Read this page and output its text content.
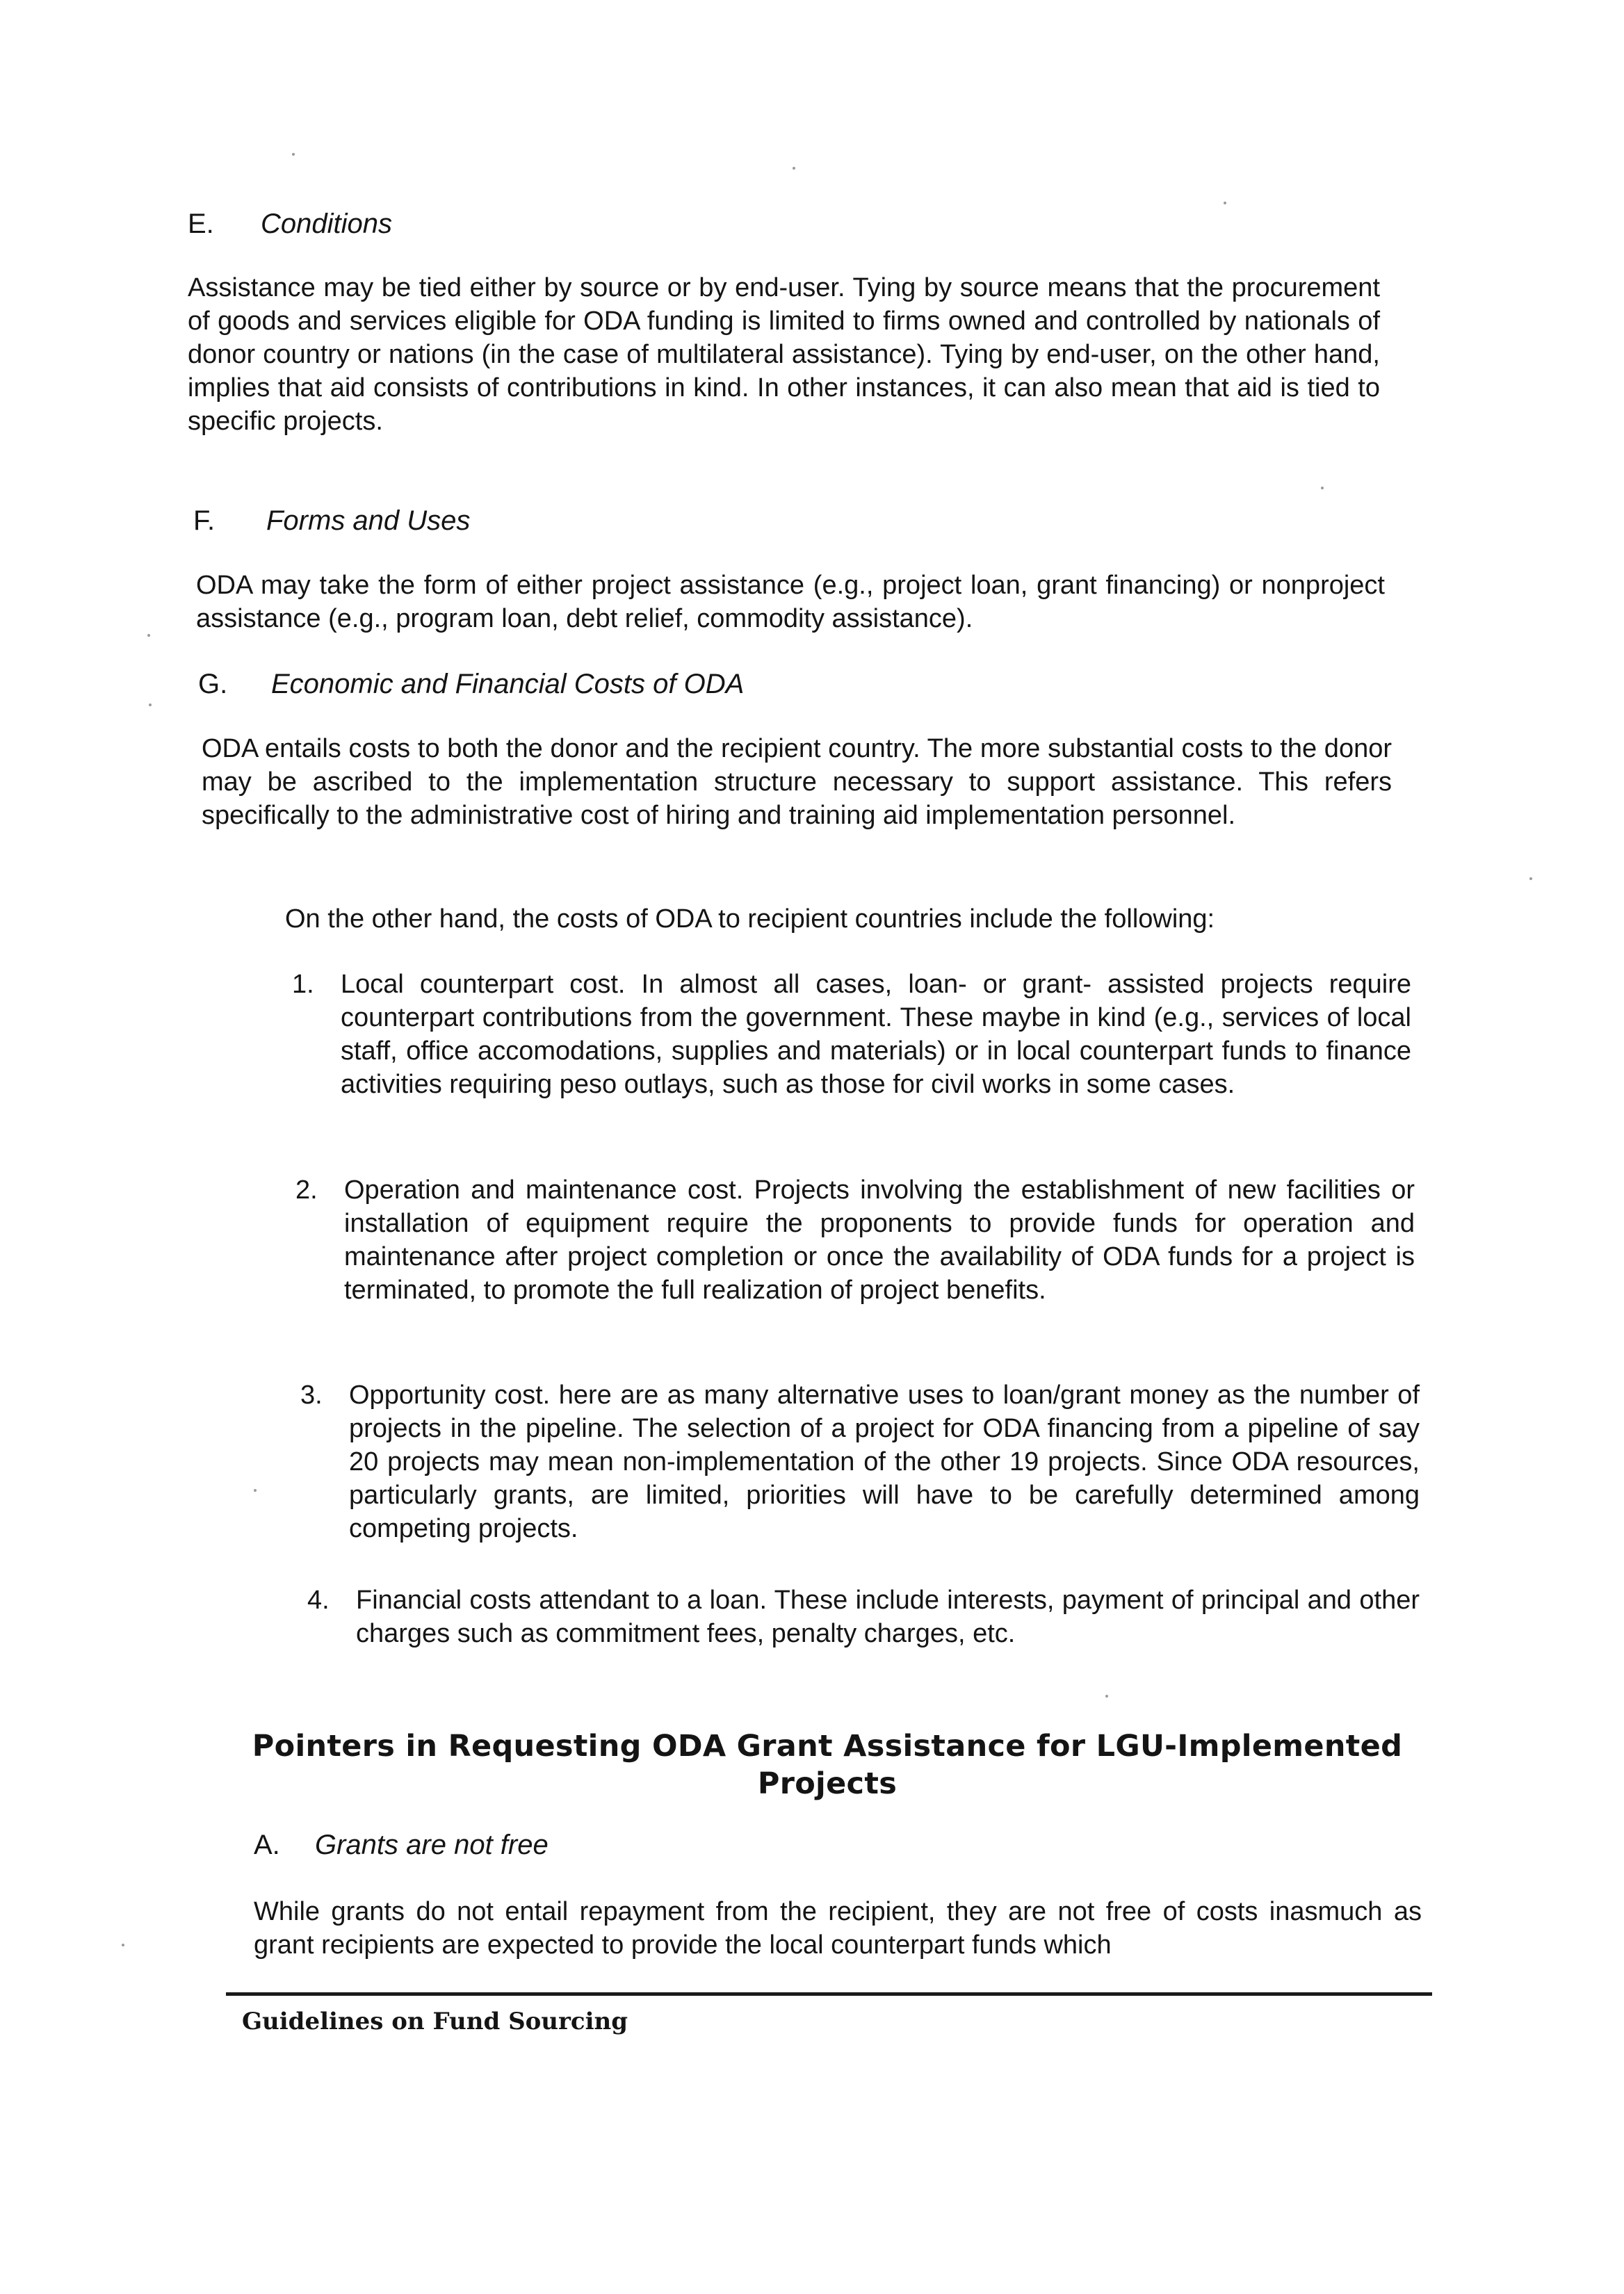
E. Conditions

Assistance may be tied either by source or by end-user. Tying by source means that the procurement of goods and services eligible for ODA funding is limited to firms owned and controlled by nationals of donor country or nations (in the case of multilateral assistance). Tying by end-user, on the other hand, implies that aid consists of contributions in kind. In other instances, it can also mean that aid is tied to specific projects.

F. Forms and Uses

ODA may take the form of either project assistance (e.g., project loan, grant financing) or nonproject assistance (e.g., program loan, debt relief, commodity assistance).

G. Economic and Financial Costs of ODA

ODA entails costs to both the donor and the recipient country. The more substantial costs to the donor may be ascribed to the implementation structure necessary to support assistance. This refers specifically to the administrative cost of hiring and training aid implementation personnel.

On the other hand, the costs of ODA to recipient countries include the following:

1. Local counterpart cost. In almost all cases, loan- or grant- assisted projects require counterpart contributions from the government. These maybe in kind (e.g., services of local staff, office accomodations, supplies and materials) or in local counterpart funds to finance activities requiring peso outlays, such as those for civil works in some cases.

2. Operation and maintenance cost. Projects involving the establishment of new facilities or installation of equipment require the proponents to provide funds for operation and maintenance after project completion or once the availability of ODA funds for a project is terminated, to promote the full realization of project benefits.

3. Opportunity cost. here are as many alternative uses to loan/grant money as the number of projects in the pipeline. The selection of a project for ODA financing from a pipeline of say 20 projects may mean non-implementation of the other 19 projects. Since ODA resources, particularly grants, are limited, priorities will have to be carefully determined among competing projects.

4. Financial costs attendant to a loan. These include interests, payment of principal and other charges such as commitment fees, penalty charges, etc.

Pointers in Requesting ODA Grant Assistance for LGU-Implemented Projects
A. Grants are not free

While grants do not entail repayment from the recipient, they are not free of costs inasmuch as grant recipients are expected to provide the local counterpart funds which

Guidelines on Fund Sourcing
